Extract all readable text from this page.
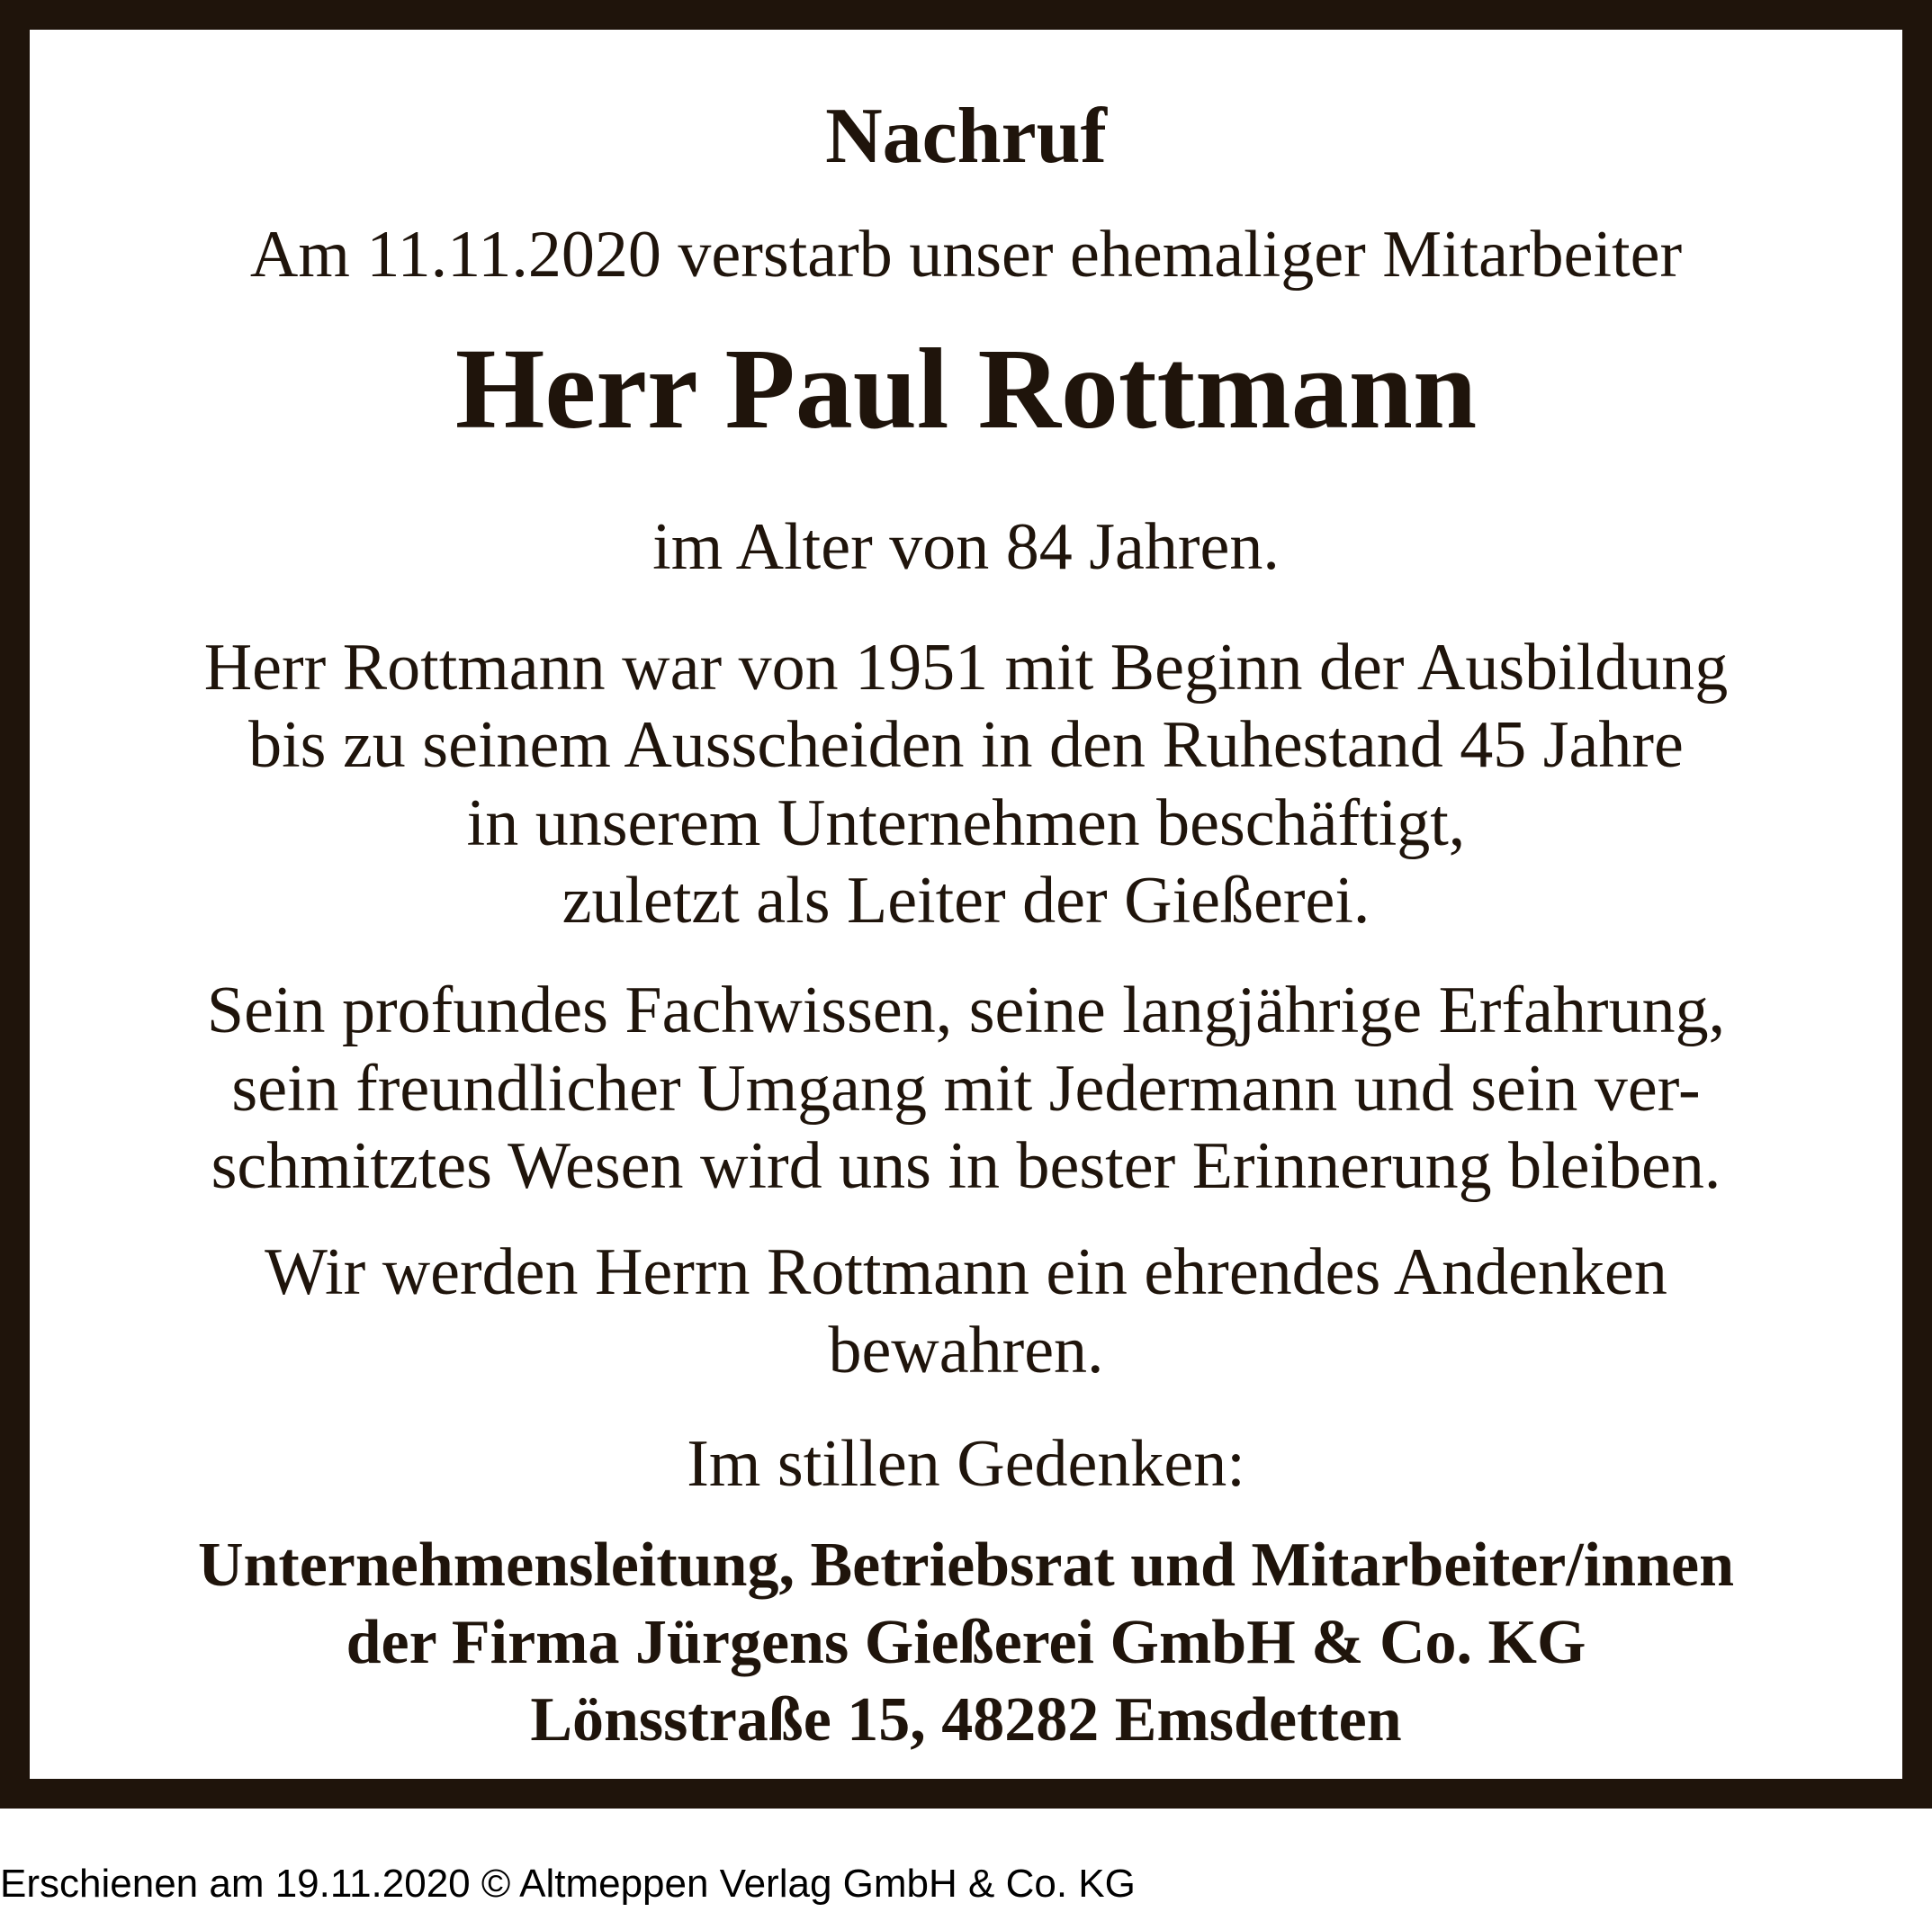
Nachruf
Am 11.11.2020 verstarb unser ehemaliger Mitarbeiter
Herr Paul Rottmann
im Alter von 84 Jahren.
Herr Rottmann war von 1951 mit Beginn der Ausbildung
bis zu seinem Ausscheiden in den Ruhestand 45 Jahre
in unserem Unternehmen beschäftigt,
zuletzt als Leiter der Gießerei.
Sein profundes Fachwissen, seine langjährige Erfahrung,
sein freundlicher Umgang mit Jedermann und sein ver-
schmitztes Wesen wird uns in bester Erinnerung bleiben.
Wir werden Herrn Rottmann ein ehrendes Andenken
bewahren.
Im stillen Gedenken:
Unternehmensleitung, Betriebsrat und Mitarbeiter/innen
der Firma Jürgens Gießerei GmbH & Co. KG
Lönsstraße 15, 48282 Emsdetten
Erschienen am 19.11.2020 © Altmeppen Verlag GmbH & Co. KG
